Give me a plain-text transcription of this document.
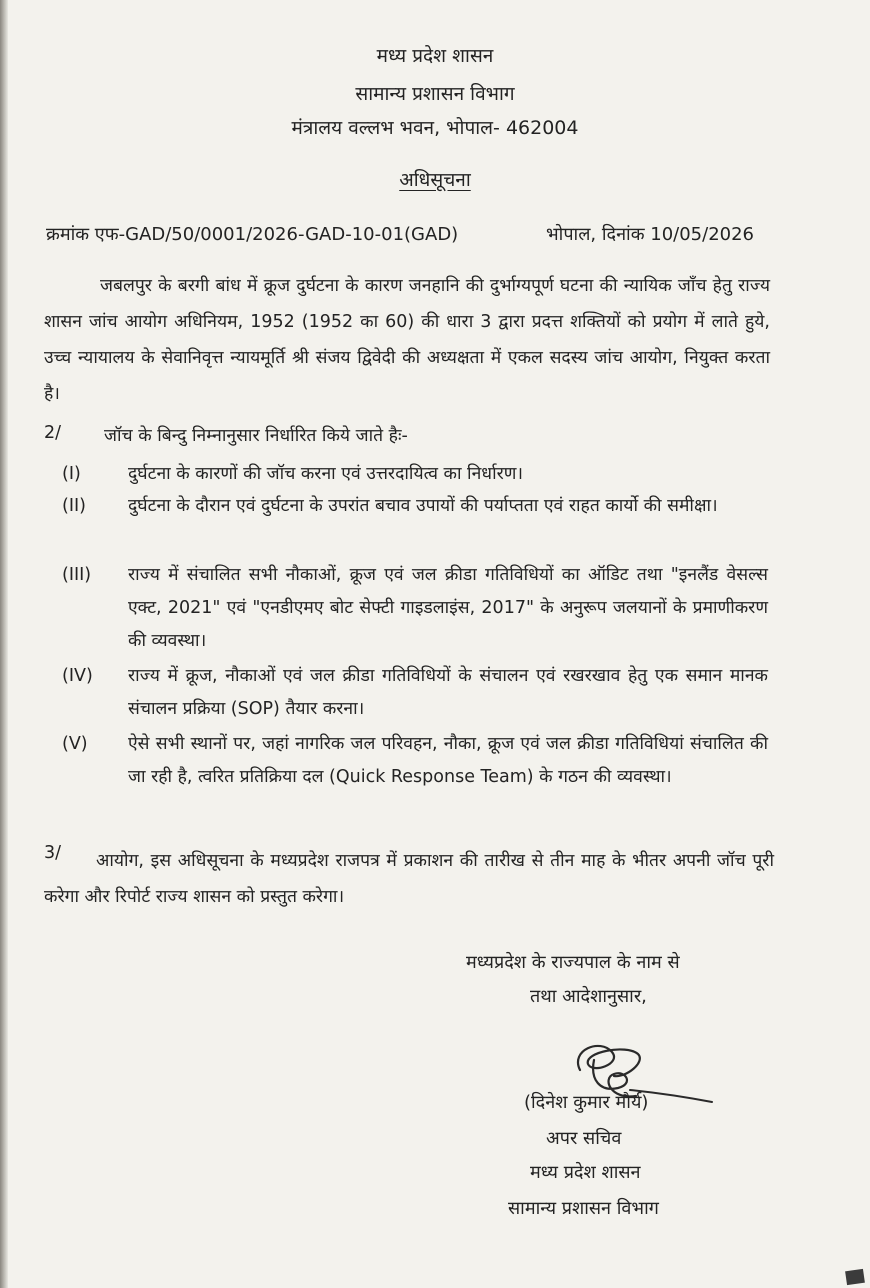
मध्य प्रदेश शासन
सामान्य प्रशासन विभाग
मंत्रालय वल्लभ भवन, भोपाल- 462004
अधिसूचना
क्रमांक एफ-GAD/50/0001/2026-GAD-10-01(GAD)	भोपाल, दिनांक 10/05/2026

जबलपुर के बरगी बांध में क्रूज दुर्घटना के कारण जनहानि की दुर्भाग्यपूर्ण घटना की न्यायिक जाँच हेतु राज्य शासन जांच आयोग अधिनियम, 1952 (1952 का 60) की धारा 3 द्वारा प्रदत्त शक्तियों को प्रयोग में लाते हुये, उच्च न्यायालय के सेवानिवृत्त न्यायमूर्ति श्री संजय द्विवेदी की अध्यक्षता में एकल सदस्य जांच आयोग, नियुक्त करता है।

2/ जॉच के बिन्दु निम्नानुसार निर्धारित किये जाते हैः-
(I)	दुर्घटना के कारणों की जॉच करना एवं उत्तरदायित्व का निर्धारण।

(II) दुर्घटना के दौरान एवं दुर्घटना के उपरांत बचाव उपायों की पर्याप्तता एवं राहत कार्यो की समीक्षा।

(III) राज्य में संचालित सभी नौकाओं, क्रूज एवं जल क्रीडा गतिविधियों का ऑडिट तथा "इनलैंड वेसल्स एक्ट, 2021" एवं "एनडीएमए बोट सेफ्टी गाइडलाइंस, 2017" के अनुरूप जलयानों के प्रमाणीकरण की व्यवस्था।

(IV) राज्य में क्रूज, नौकाओं एवं जल क्रीडा गतिविधियों के संचालन एवं रखरखाव हेतु एक समान मानक संचालन प्रक्रिया (SOP) तैयार करना।

(V) ऐसे सभी स्थानों पर, जहां नागरिक जल परिवहन, नौका, क्रूज एवं जल क्रीडा गतिविधियां संचालित की जा रही है, त्वरित प्रतिक्रिया दल (Quick Response Team) के गठन की व्यवस्था।

3/	आयोग, इस अधिसूचना के मध्यप्रदेश राजपत्र में प्रकाशन की तारीख से तीन माह के भीतर अपनी जॉच पूरी करेगा और रिपोर्ट राज्य शासन को प्रस्तुत करेगा।

मध्यप्रदेश के राज्यपाल के नाम से
तथा आदेशानुसार,
(दिनेश कुमार मौर्य)
अपर सचिव
मध्य प्रदेश शासन
सामान्य प्रशासन विभाग
